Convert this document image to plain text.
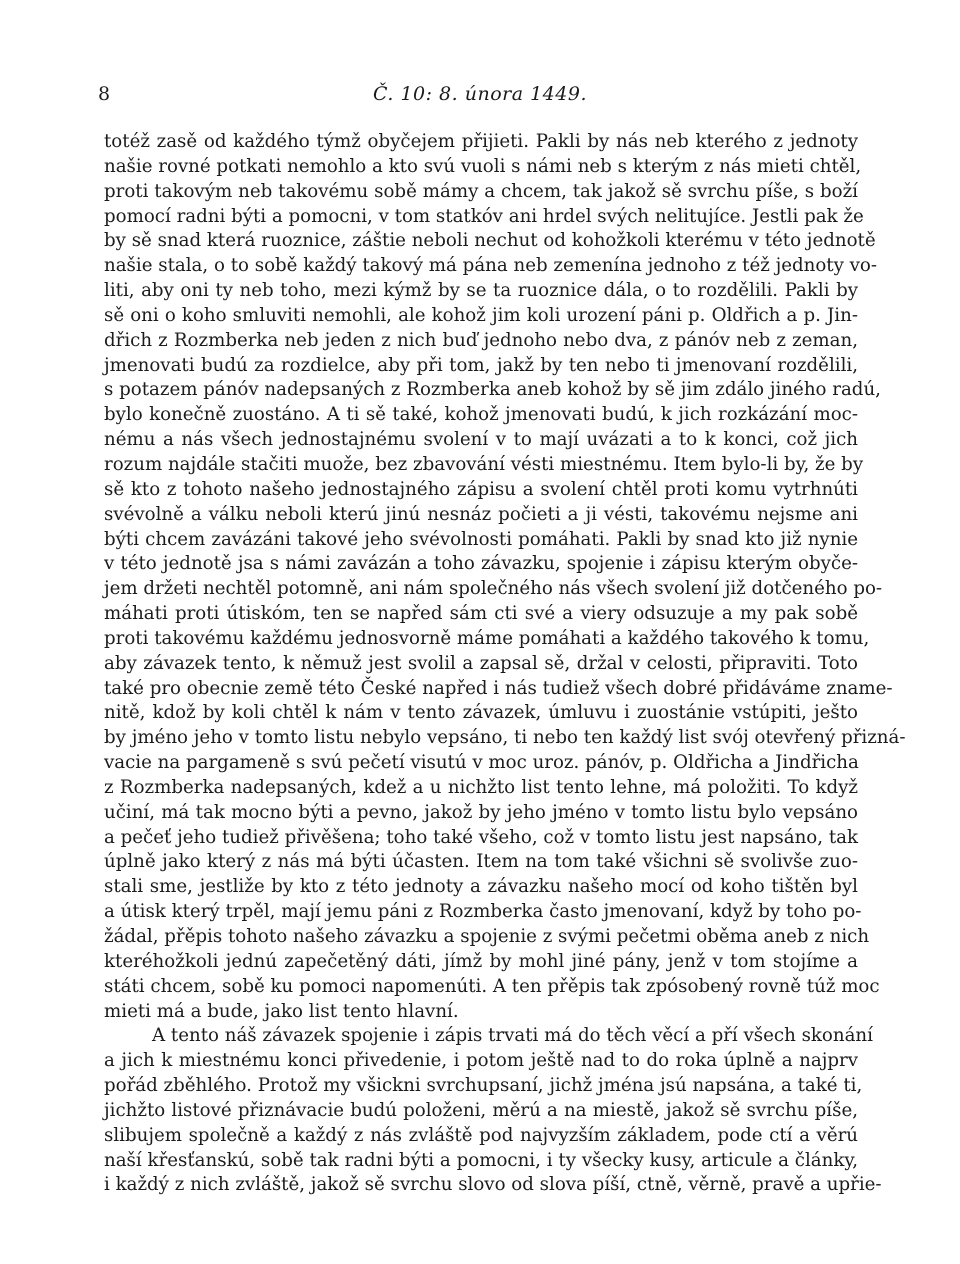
8	Č. 10: 8. února 1449.
totéž zasě od každého týmž obyčejem přijieti. Pakli by nás neb kterého z jednoty
našie rovné potkati nemohlo a kto svú vuoli s námi neb s kterým z nás mieti chtěl,
proti takovým neb takovému sobě mámy a chcem, tak jakož sě svrchu píše, s boží
pomocí radni býti a pomocni, v tom statkóv ani hrdel svých nelitujíce. Jestli pak že
by sě snad která ruoznice, záštie neboli nechut od kohožkoli kterému v této jednotě
našie stala, o to sobě každý takový má pána neb zemenína jednoho z též jednoty vo-
liti, aby oni ty neb toho, mezi kýmž by se ta ruoznice dála, o to rozdělili. Pakli by
sě oni o koho smluviti nemohli, ale kohož jim koli urození páni p. Oldřich a p. Jin-
dřich z Rozmberka neb jeden z nich buď jednoho nebo dva, z pánóv neb z zeman,
jmenovati budú za rozdielce, aby při tom, jakž by ten nebo ti jmenovaní rozdělili,
s potazem pánóv nadepsaných z Rozmberka aneb kohož by sě jim zdálo jiného radú,
bylo konečně zuostáno. A ti sě také, kohož jmenovati budú, k jich rozkázání moc-
nému a nás všech jednostajnému svolení v to mají uvázati a to k konci, což jich
rozum najdále stačiti muože, bez zbavování vésti miestnému. Item bylo-li by, že by
sě kto z tohoto našeho jednostajného zápisu a svolení chtěl proti komu vytrhnúti
svévolně a válku neboli kterú jinú nesnáz počieti a ji vésti, takovému nejsme ani
býti chcem zavázáni takové jeho svévolnosti pomáhati. Pakli by snad kto již nynie
v této jednotě jsa s námi zavázán a toho závazku, spojenie i zápisu kterým obyče-
jem držeti nechtěl potomně, ani nám společného nás všech svolení již dotčeného po-
máhati proti útiskóm, ten se napřed sám cti své a viery odsuzuje a my pak sobě
proti takovému každému jednosvorně máme pomáhati a každého takového k tomu,
aby závazek tento, k němuž jest svolil a zapsal sě, držal v celosti, připraviti. Toto
také pro obecnie země této České napřed i nás tudiež všech dobré přidáváme zname-
nitě, kdož by koli chtěl k nám v tento závazek, úmluvu i zuostánie vstúpiti, ješto
by jméno jeho v tomto listu nebylo vepsáno, ti nebo ten každý list svój otevřený přizná-
vacie na pargameně s svú pečetí visutú v moc uroz. pánóv, p. Oldřicha a Jindřicha
z Rozmberka nadepsaných, kdež a u nichžto list tento lehne, má položiti. To když
učiní, má tak mocno býti a pevno, jakož by jeho jméno v tomto listu bylo vepsáno
a pečeť jeho tudiež přivěšena; toho také všeho, což v tomto listu jest napsáno, tak
úplně jako který z nás má býti účasten. Item na tom také všichni sě svolivše zuo-
stali sme, jestližе by kto z této jednoty a závazku našeho mocí od koho tištěn byl
a útisk který trpěl, mají jemu páni z Rozmberka často jmenovaní, když by toho po-
žádal, přěpis tohoto našeho závazku a spojenie z svými pečetmi oběma aneb z nich
kteréhožkoli jednú zapečetěný dáti, jímž by mohl jiné pány, jenž v tom stojíme a
státi chcem, sobě ku pomoci napomenúti. A ten přěpis tak zpósobený rovně túž moc
mieti má a bude, jako list tento hlavní.
A tento náš závazek spojenie i zápis trvati má do těch věcí a pří všech skonání
a jich k miestnému konci přivedenie, i potom ještě nad to do roka úplně a najprv
pořád zběhlého. Protož my všickni svrchupsaní, jichž jména jsú napsána, a také ti,
jichžto listové přiznávacie budú položeni, měrú a na miestě, jakož sě svrchu píše,
slibujem společně a každý z nás zvláště pod najvyzším základem, pode ctí a věrú
naší křesťanskú, sobě tak radni býti a pomocni, i ty všecky kusy, articule a články,
i každý z nich zvláště, jakož sě svrchu slovo od slova píší, ctně, věrně, pravě a upřie-
